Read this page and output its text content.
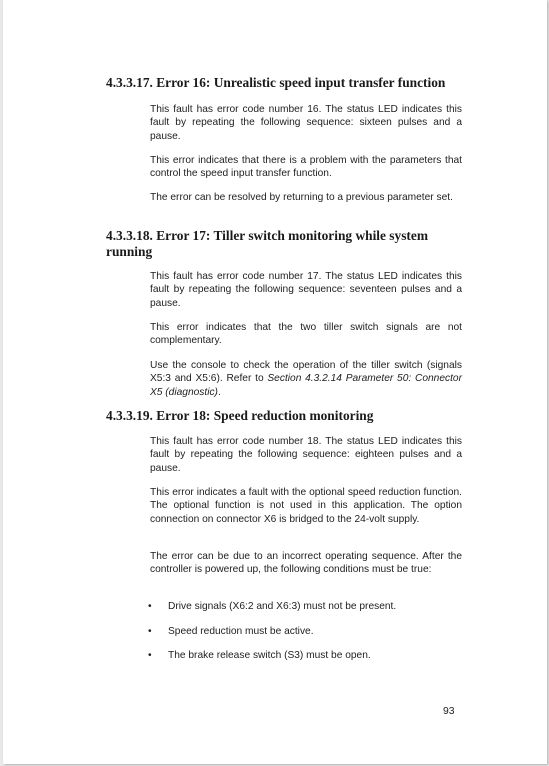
4.3.3.17. Error 16: Unrealistic speed input transfer function

This fault has error code number 16. The status LED indicates this fault by repeating the following sequence: sixteen pulses and a pause.

This error indicates that there is a problem with the parameters that control the speed input transfer function.

The error can be resolved by returning to a previous parameter set.

4.3.3.18. Error 17: Tiller switch monitoring while system running

This fault has error code number 17. The status LED indicates this fault by repeating the following sequence: seventeen pulses and a pause.

This error indicates that the two tiller switch signals are not complementary.

Use the console to check the operation of the tiller switch (signals X5:3 and X5:6). Refer to Section 4.3.2.14 Parameter 50: Connector X5 (diagnostic).

4.3.3.19. Error 18: Speed reduction monitoring

This fault has error code number 18. The status LED indicates this fault by repeating the following sequence: eighteen pulses and a pause.

This error indicates a fault with the optional speed reduction function. The optional function is not used in this application. The option connection on connector X6 is bridged to the 24-volt supply.

The error can be due to an incorrect operating sequence. After the controller is powered up, the following conditions must be true:

•	Drive signals (X6:2 and X6:3) must not be present.
•	Speed reduction must be active.
•	The brake release switch (S3) must be open.
93
